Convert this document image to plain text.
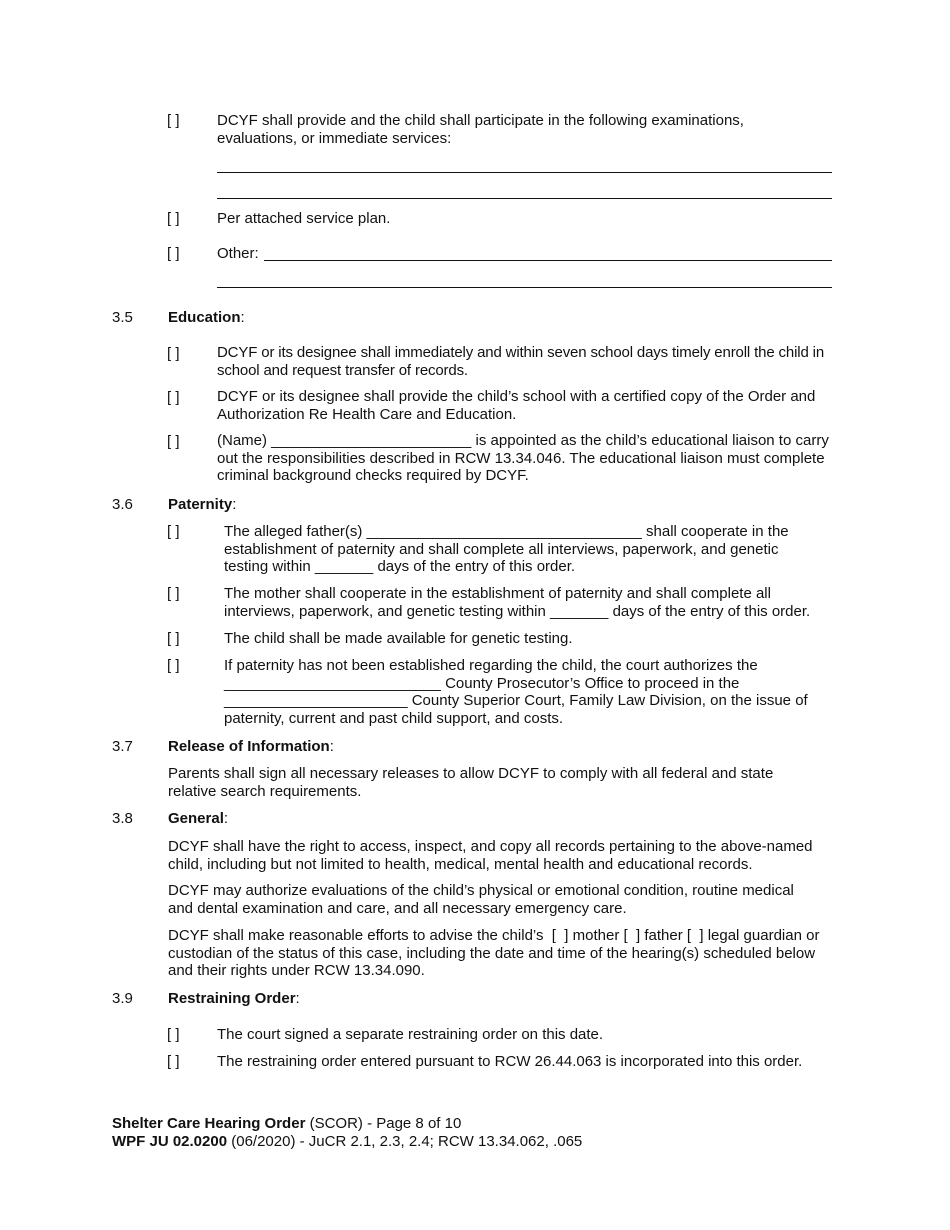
[ ] DCYF shall provide and the child shall participate in the following examinations, evaluations, or immediate services:
[ ] Per attached service plan.
[ ] Other:
3.5 Education:
[ ] DCYF or its designee shall immediately and within seven school days timely enroll the child in school and request transfer of records.
[ ] DCYF or its designee shall provide the child’s school with a certified copy of the Order and Authorization Re Health Care and Education.
[ ] (Name) ________________________ is appointed as the child’s educational liaison to carry out the responsibilities described in RCW 13.34.046. The educational liaison must complete criminal background checks required by DCYF.
3.6 Paternity:
[ ]	The alleged father(s) _________________________________ shall cooperate in the establishment of paternity and shall complete all interviews, paperwork, and genetic testing within _______ days of the entry of this order.
[ ]	The mother shall cooperate in the establishment of paternity and shall complete all interviews, paperwork, and genetic testing within _______ days of the entry of this order.
[ ]	The child shall be made available for genetic testing.
[ ]	If paternity has not been established regarding the child, the court authorizes the __________________________ County Prosecutor’s Office to proceed in the ______________________ County Superior Court, Family Law Division, on the issue of paternity, current and past child support, and costs.
3.7 Release of Information:
Parents shall sign all necessary releases to allow DCYF to comply with all federal and state relative search requirements.
3.8 General:
DCYF shall have the right to access, inspect, and copy all records pertaining to the above-named child, including but not limited to health, medical, mental health and educational records.
DCYF may authorize evaluations of the child’s physical or emotional condition, routine medical and dental examination and care, and all necessary emergency care.
DCYF shall make reasonable efforts to advise the child’s  [  ] mother [  ] father [  ] legal guardian or custodian of the status of this case, including the date and time of the hearing(s) scheduled below and their rights under RCW 13.34.090.
3.9 Restraining Order:
[ ] The court signed a separate restraining order on this date.
[ ] The restraining order entered pursuant to RCW 26.44.063 is incorporated into this order.
Shelter Care Hearing Order (SCOR) - Page 8 of 10
WPF JU 02.0200 (06/2020) - JuCR 2.1, 2.3, 2.4; RCW 13.34.062, .065
